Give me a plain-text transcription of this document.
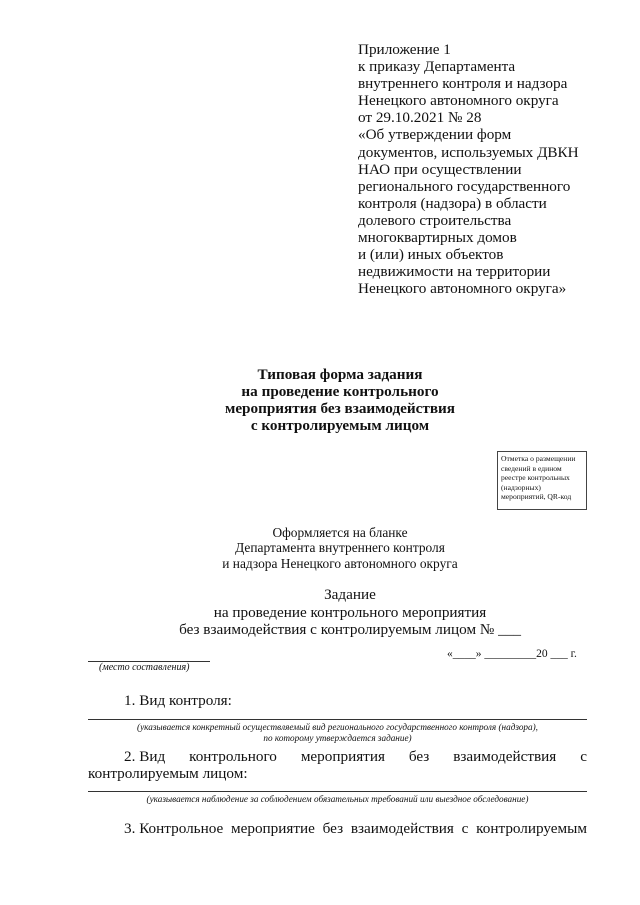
Приложение 1
к приказу Департамента
внутреннего контроля и надзора
Ненецкого автономного округа
от 29.10.2021 № 28
«Об утверждении форм
документов, используемых ДВКН
НАО при осуществлении
регионального государственного
контроля (надзора) в области
долевого строительства
многоквартирных домов
и (или) иных объектов
недвижимости на территории
Ненецкого автономного округа»
Типовая форма задания
на проведение контрольного
мероприятия без взаимодействия
с контролируемым лицом
Отметка о размещении
сведений в едином
реестре контрольных
(надзорных)
мероприятий, QR-код
Оформляется на бланке
Департамента внутреннего контроля
и надзора Ненецкого автономного округа
Задание
на проведение контрольного мероприятия
без взаимодействия с контролируемым лицом № ___
(место составления)
«____» _________20 ___ г.
1. Вид контроля:
(указывается конкретный осуществляемый вид регионального государственного контроля (надзора),
по которому утверждается задание)
2. Вид контрольного мероприятия без взаимодействия с
контролируемым лицом:
(указывается наблюдение за соблюдением обязательных требований или выездное обследование)
3. Контрольное мероприятие без взаимодействия с контролируемым
